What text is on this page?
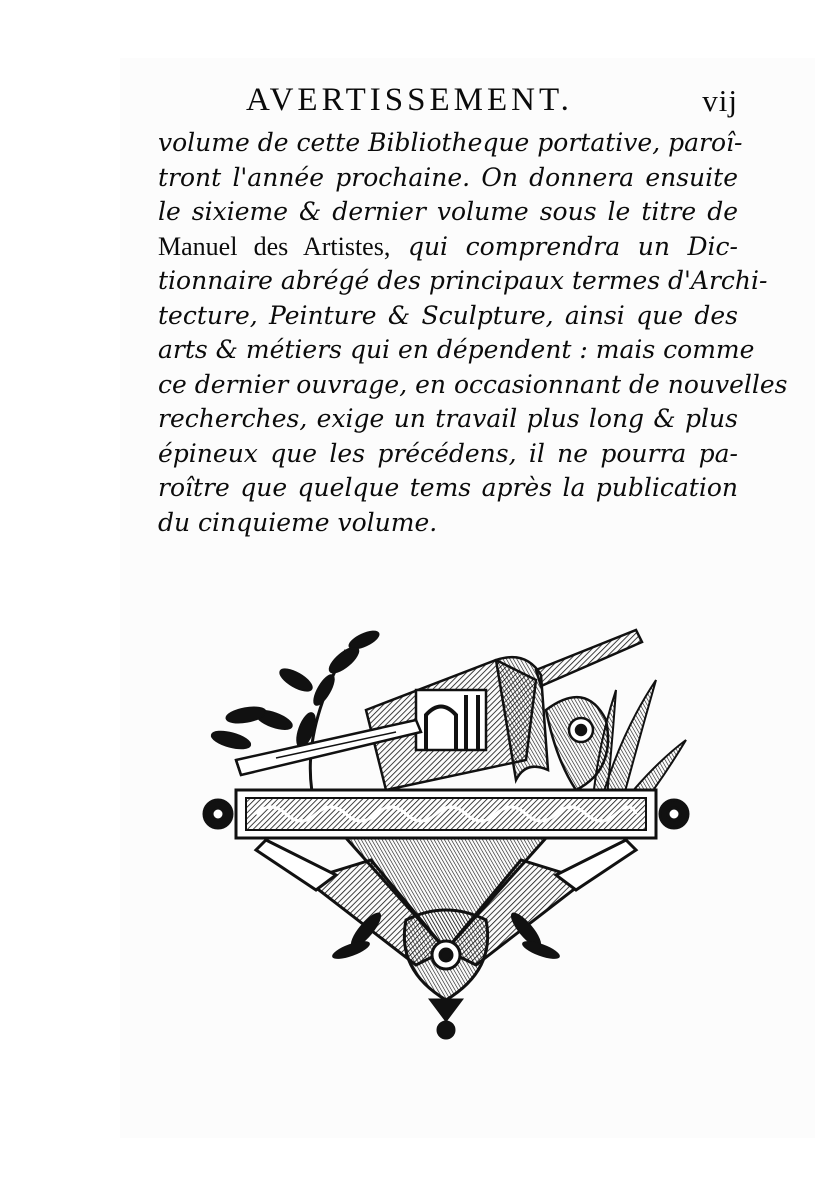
AVERTISSEMENT.	vij
volume de cette Bibliotheque portative, paroî-
tront l'année prochaine. On donnera ensuite
le sixieme & dernier volume sous le titre de
Manuel des Artistes, qui comprendra un Dic-
tionnaire abrégé des principaux termes d'Archi-
tecture, Peinture & Sculpture, ainsi que des
arts & métiers qui en dépendent : mais comme
ce dernier ouvrage, en occasionnant de nouvelles
recherches, exige un travail plus long & plus
épineux que les précédens, il ne pourra pa-
roître que quelque tems après la publication
du cinquieme volume.
